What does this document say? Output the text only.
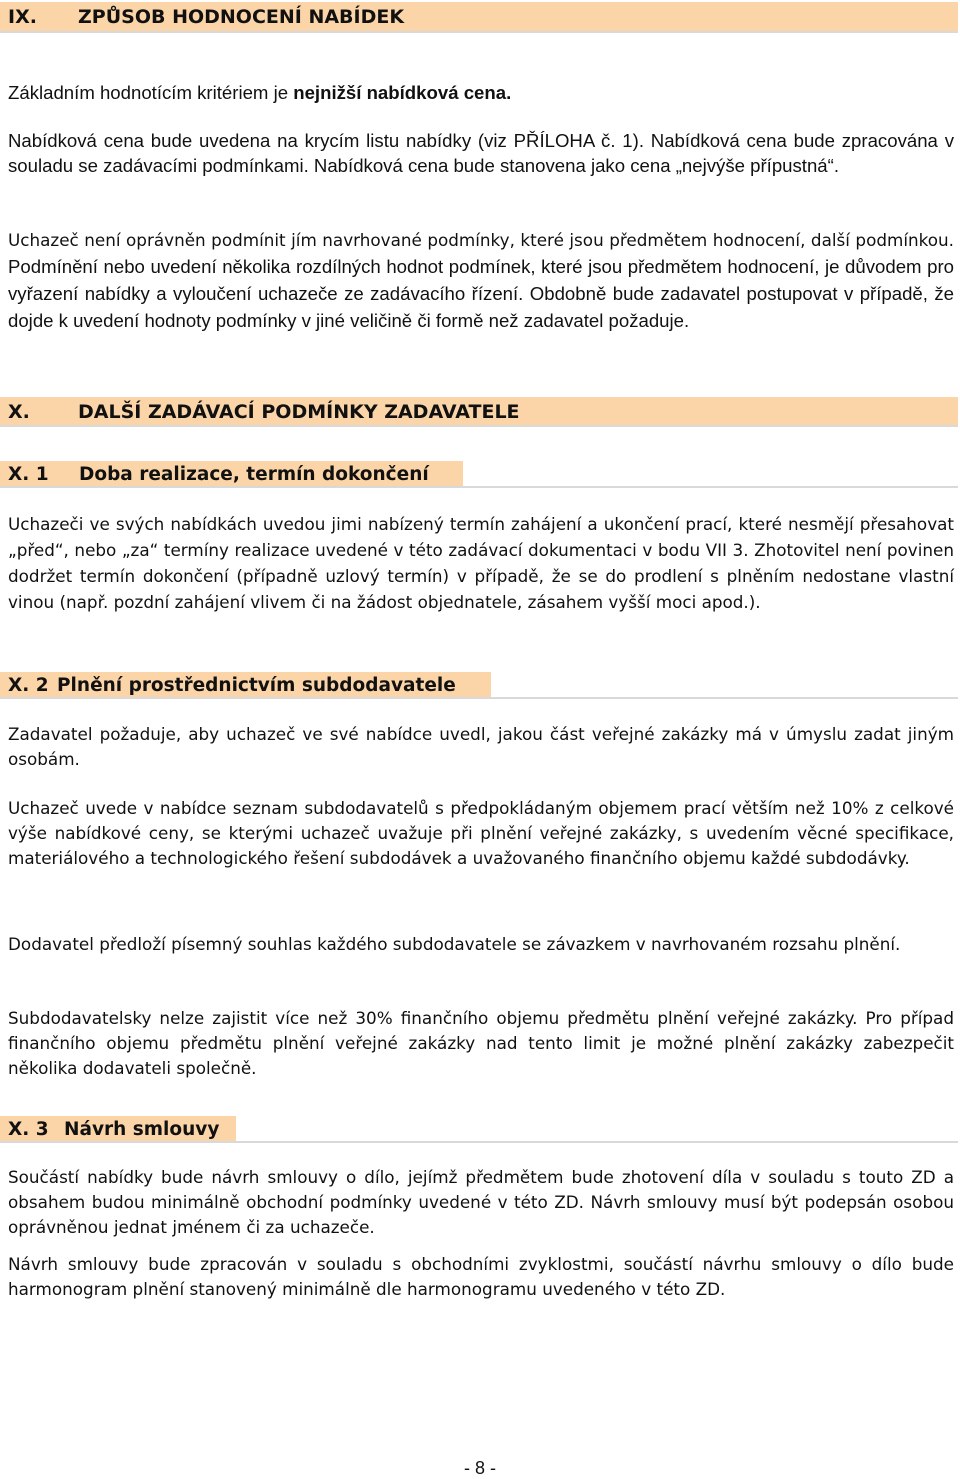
IX. ZPŮSOB HODNOCENÍ NABÍDEK

Základním hodnotícím kritériem je nejnižší nabídková cena.

Nabídková cena bude uvedena na krycím listu nabídky (viz PŘÍLOHA č. 1). Nabídková cena bude zpracována v souladu se zadávacími podmínkami. Nabídková cena bude stanovena jako cena „nejvýše přípustná“.

Uchazeč není oprávněn podmínit jím navrhované podmínky, které jsou předmětem hodnocení, další podmínkou. Podmínění nebo uvedení několika rozdílných hodnot podmínek, které jsou předmětem hodnocení, je důvodem pro vyřazení nabídky a vyloučení uchazeče ze zadávacího řízení. Obdobně bude zadavatel postupovat v případě, že dojde k uvedení hodnoty podmínky v jiné veličině či formě než zadavatel požaduje.

X.	DALŠÍ ZADÁVACÍ PODMÍNKY ZADAVATELE
X. 1 Doba realizace, termín dokončení

Uchazeči ve svých nabídkách uvedou jimi nabízený termín zahájení a ukončení prací, které nesmějí přesahovat „před“, nebo „za“ termíny realizace uvedené v této zadávací dokumentaci v bodu VII 3. Zhotovitel není povinen dodržet termín dokončení (případně uzlový termín) v případě, že se do prodlení s plněním nedostane vlastní vinou (např. pozdní zahájení vlivem či na žádost objednatele, zásahem vyšší moci apod.).

X. 2 Plnění prostřednictvím subdodavatele

Zadavatel požaduje, aby uchazeč ve své nabídce uvedl, jakou část veřejné zakázky má v úmyslu zadat jiným osobám.

Uchazeč uvede v nabídce seznam subdodavatelů s předpokládaným objemem prací větším než 10% z celkové výše nabídkové ceny, se kterými uchazeč uvažuje při plnění veřejné zakázky, s uvedením věcné specifikace, materiálového a technologického řešení subdodávek a uvažovaného finančního objemu každé subdodávky.

Dodavatel předloží písemný souhlas každého subdodavatele se závazkem v navrhovaném rozsahu plnění.

Subdodavatelsky nelze zajistit více než 30% finančního objemu předmětu plnění veřejné zakázky. Pro případ finančního objemu předmětu plnění veřejné zakázky nad tento limit je možné plnění zakázky zabezpečit několika dodavateli společně.

X. 3 Návrh smlouvy

Součástí nabídky bude návrh smlouvy o dílo, jejímž předmětem bude zhotovení díla v souladu s touto ZD a obsahem budou minimálně obchodní podmínky uvedené v této ZD. Návrh smlouvy musí být podepsán osobou oprávněnou jednat jménem či za uchazeče.

Návrh smlouvy bude zpracován v souladu s obchodními zvyklostmi, součástí návrhu smlouvy o dílo bude harmonogram plnění stanovený minimálně dle harmonogramu uvedeného v této ZD.

- 8 -
